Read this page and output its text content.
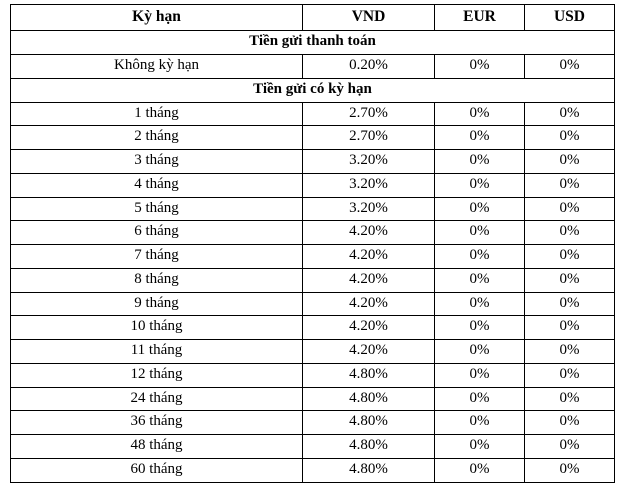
Kỳ hạn	VND	EUR	USD
Tiền gửi thanh toán			
Không kỳ hạn	0.20%	0%	0%
Tiền gửi có kỳ hạn			
1 tháng	2.70%	0%	0%
2 tháng	2.70%	0%	0%
3 tháng	3.20%	0%	0%
4 tháng	3.20%	0%	0%
5 tháng	3.20%	0%	0%
6 tháng	4.20%	0%	0%
7 tháng	4.20%	0%	0%
8 tháng	4.20%	0%	0%
9 tháng	4.20%	0%	0%
10 tháng	4.20%	0%	0%
11 tháng	4.20%	0%	0%
12 tháng	4.80%	0%	0%
24 tháng	4.80%	0%	0%
36 tháng	4.80%	0%	0%
48 tháng	4.80%	0%	0%
60 tháng	4.80%	0%	0%
